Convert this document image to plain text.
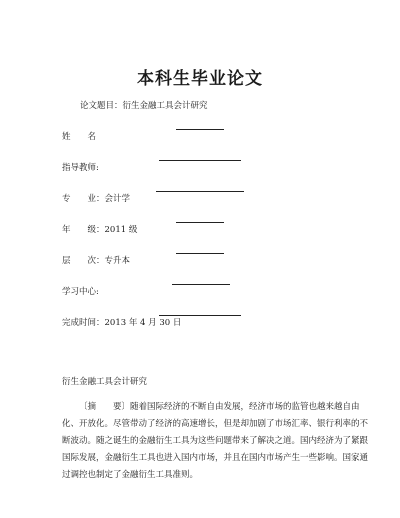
本科生毕业论文
论文题目：衍生金融工具会计研究
姓　　名
指导教师:
专　　业：会计学
年　　级：2011 级
层　　次：专升本
学习中心:
完成时间：2013 年 4 月 30 日
衍生金融工具会计研究
〔摘　　要〕随着国际经济的不断自由发展，经济市场的监管也越来越自由
化、开放化。尽管带动了经济的高速增长，但是却加剧了市场汇率、银行利率的不
断波动。随之诞生的金融衍生工具为这些问题带来了解决之道。国内经济为了紧跟
国际发展，金融衍生工具也进入国内市场，并且在国内市场产生一些影响。国家通
过调控也制定了金融衍生工具准则。
